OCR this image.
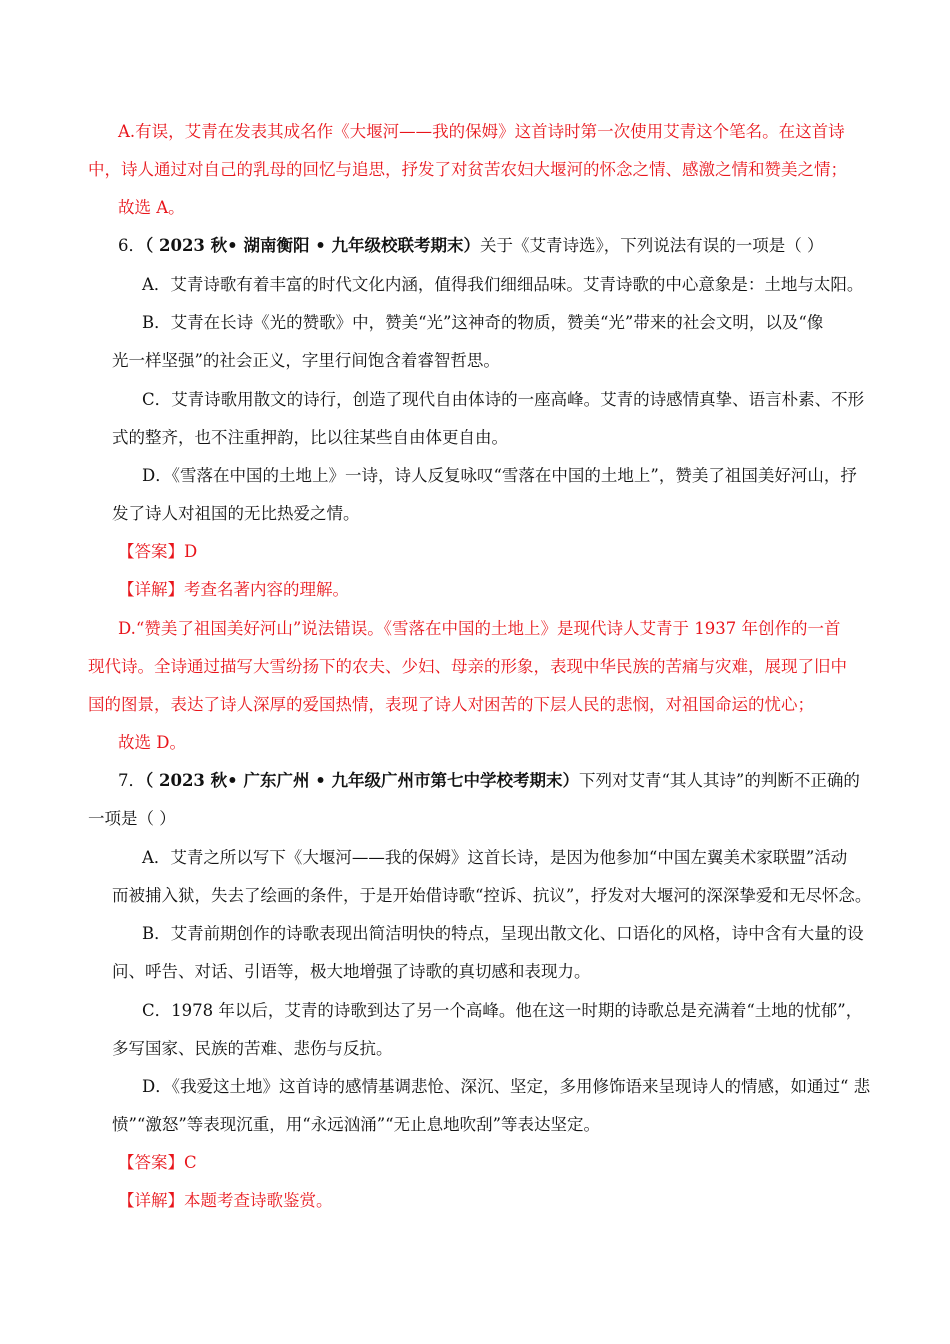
A.有误，艾青在发表其成名作《大堰河——我的保姆》这首诗时第一次使用艾青这个笔名。在这首诗
中，诗人通过对自己的乳母的回忆与追思，抒发了对贫苦农妇大堰河的怀念之情、感激之情和赞美之情；
故选 A。
6．（ 2023 秋• 湖南衡阳 • 九年级校联考期末）关于《艾青诗选》，下列说法有误的一项是（ ）
A．艾青诗歌有着丰富的时代文化内涵，值得我们细细品味。艾青诗歌的中心意象是：土地与太阳。
B．艾青在长诗《光的赞歌》中，赞美“光”这神奇的物质，赞美“光”带来的社会文明，以及“像
光一样坚强”的社会正义，字里行间饱含着睿智哲思。
C．艾青诗歌用散文的诗行，创造了现代自由体诗的一座高峰。艾青的诗感情真挚、语言朴素、不形
式的整齐，也不注重押韵，比以往某些自由体更自由。
D．《雪落在中国的土地上》一诗，诗人反复咏叹“雪落在中国的土地上”，赞美了祖国美好河山，抒
发了诗人对祖国的无比热爱之情。
【答案】D
【详解】考查名著内容的理解。
D.“赞美了祖国美好河山”说法错误。《雪落在中国的土地上》是现代诗人艾青于 1937 年创作的一首
现代诗。全诗通过描写大雪纷扬下的农夫、少妇、母亲的形象，表现中华民族的苦痛与灾难，展现了旧中
国的图景，表达了诗人深厚的爱国热情，表现了诗人对困苦的下层人民的悲悯，对祖国命运的忧心；
故选 D。
7．（ 2023 秋• 广东广州 • 九年级广州市第七中学校考期末）下列对艾青“其人其诗”的判断不正确的
一项是（ ）
A．艾青之所以写下《大堰河——我的保姆》这首长诗，是因为他参加“中国左翼美术家联盟”活动
而被捕入狱，失去了绘画的条件，于是开始借诗歌“控诉、抗议”，抒发对大堰河的深深挚爱和无尽怀念。
B．艾青前期创作的诗歌表现出简洁明快的特点，呈现出散文化、口语化的风格，诗中含有大量的设
问、呼告、对话、引语等，极大地增强了诗歌的真切感和表现力。
C．1978 年以后，艾青的诗歌到达了另一个高峰。他在这一时期的诗歌总是充满着“土地的忧郁”，
多写国家、民族的苦难、悲伤与反抗。
D．《我爱这土地》这首诗的感情基调悲怆、深沉、坚定，多用修饰语来呈现诗人的情感，如通过“ 悲
愤”“激怒”等表现沉重，用“永远汹涌”“无止息地吹刮”等表达坚定。
【答案】C
【详解】本题考查诗歌鉴赏。
